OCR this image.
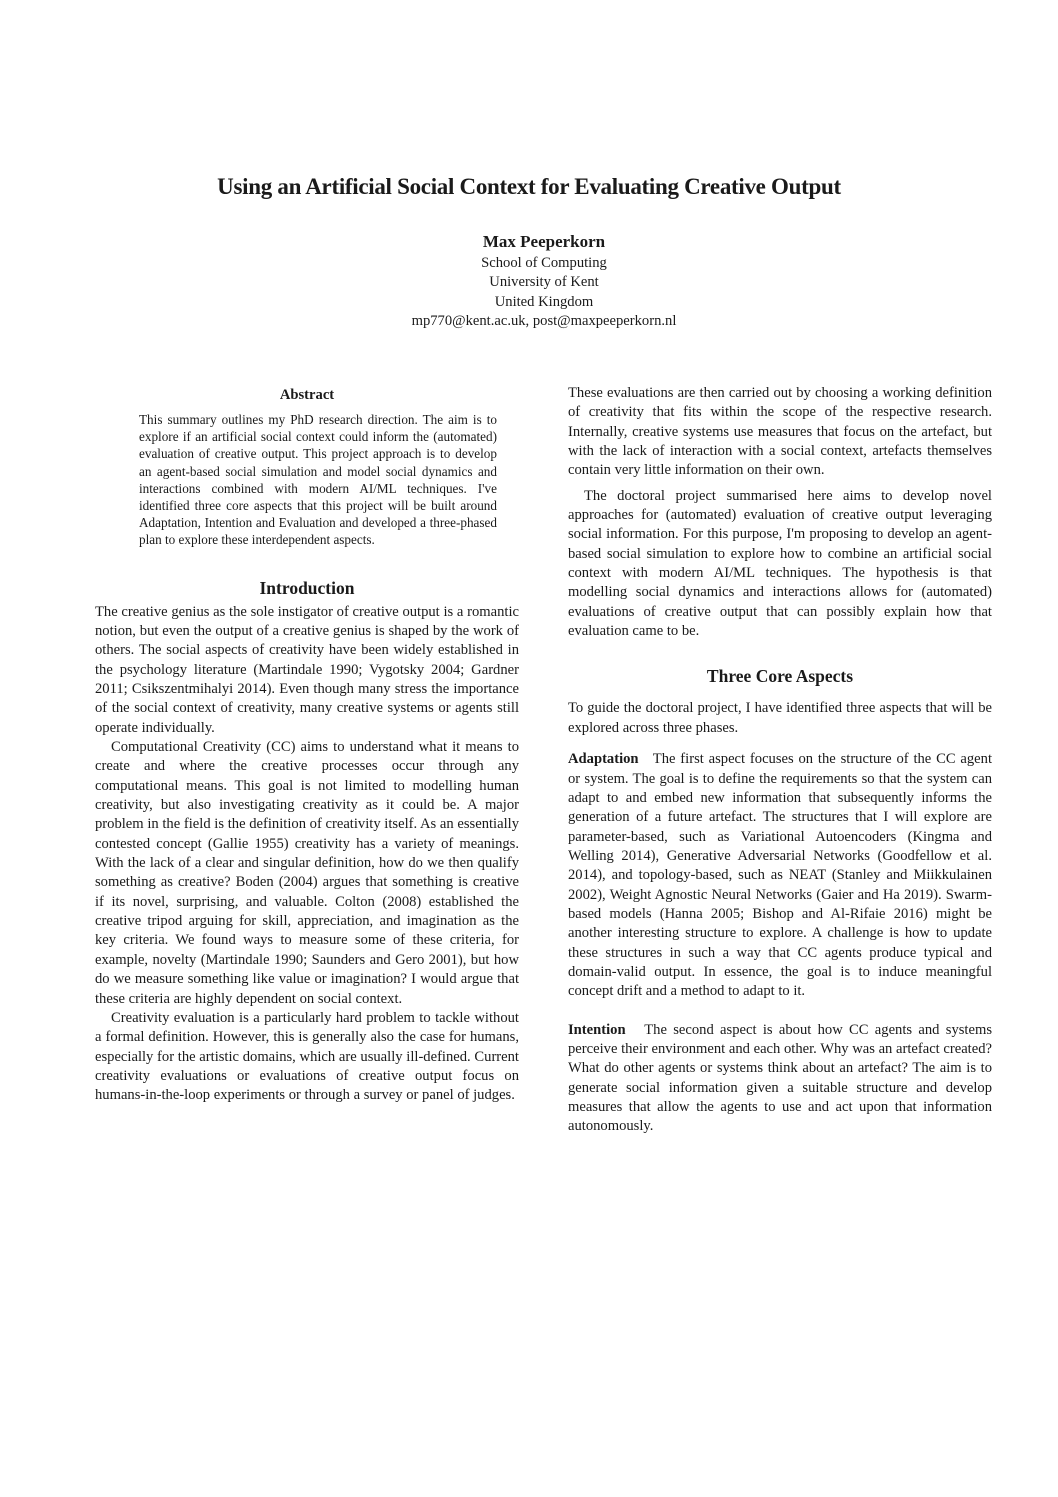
Using an Artificial Social Context for Evaluating Creative Output
Max Peeperkorn
School of Computing
University of Kent
United Kingdom
mp770@kent.ac.uk, post@maxpeeperkorn.nl
Abstract

This summary outlines my PhD research direction. The aim is to explore if an artificial social context could inform the (automated) evaluation of creative output. This project approach is to develop an agent-based social simulation and model social dynamics and interactions combined with modern AI/ML techniques. I've identified three core aspects that this project will be built around Adaptation, Intention and Evaluation and developed a three-phased plan to explore these interdependent aspects.

Introduction

The creative genius as the sole instigator of creative output is a romantic notion, but even the output of a creative genius is shaped by the work of others. The social aspects of creativity have been widely established in the psychology literature (Martindale 1990; Vygotsky 2004; Gardner 2011; Csikszentmihalyi 2014). Even though many stress the importance of the social context of creativity, many creative systems or agents still operate individually.

Computational Creativity (CC) aims to understand what it means to create and where the creative processes occur through any computational means. This goal is not limited to modelling human creativity, but also investigating creativity as it could be. A major problem in the field is the definition of creativity itself. As an essentially contested concept (Gallie 1955) creativity has a variety of meanings. With the lack of a clear and singular definition, how do we then qualify something as creative? Boden (2004) argues that something is creative if its novel, surprising, and valuable. Colton (2008) established the creative tripod arguing for skill, appreciation, and imagination as the key criteria. We found ways to measure some of these criteria, for example, novelty (Martindale 1990; Saunders and Gero 2001), but how do we measure something like value or imagination? I would argue that these criteria are highly dependent on social context.

Creativity evaluation is a particularly hard problem to tackle without a formal definition. However, this is generally also the case for humans, especially for the artistic domains, which are usually ill-defined. Current creativity evaluations or evaluations of creative output focus on humans-in-the-loop experiments or through a survey or panel of judges.

These evaluations are then carried out by choosing a working definition of creativity that fits within the scope of the respective research. Internally, creative systems use measures that focus on the artefact, but with the lack of interaction with a social context, artefacts themselves contain very little information on their own.

The doctoral project summarised here aims to develop novel approaches for (automated) evaluation of creative output leveraging social information. For this purpose, I'm proposing to develop an agent-based social simulation to explore how to combine an artificial social context with modern AI/ML techniques. The hypothesis is that modelling social dynamics and interactions allows for (automated) evaluations of creative output that can possibly explain how that evaluation came to be.

Three Core Aspects

To guide the doctoral project, I have identified three aspects that will be explored across three phases.

Adaptation The first aspect focuses on the structure of the CC agent or system. The goal is to define the requirements so that the system can adapt to and embed new information that subsequently informs the generation of a future artefact. The structures that I will explore are parameter-based, such as Variational Autoencoders (Kingma and Welling 2014), Generative Adversarial Networks (Goodfellow et al. 2014), and topology-based, such as NEAT (Stanley and Miikkulainen 2002), Weight Agnostic Neural Networks (Gaier and Ha 2019). Swarm-based models (Hanna 2005; Bishop and Al-Rifaie 2016) might be another interesting structure to explore. A challenge is how to update these structures in such a way that CC agents produce typical and domain-valid output. In essence, the goal is to induce meaningful concept drift and a method to adapt to it.

Intention The second aspect is about how CC agents and systems perceive their environment and each other. Why was an artefact created? What do other agents or systems think about an artefact? The aim is to generate social information given a suitable structure and develop measures that allow the agents to use and act upon that information autonomously.
